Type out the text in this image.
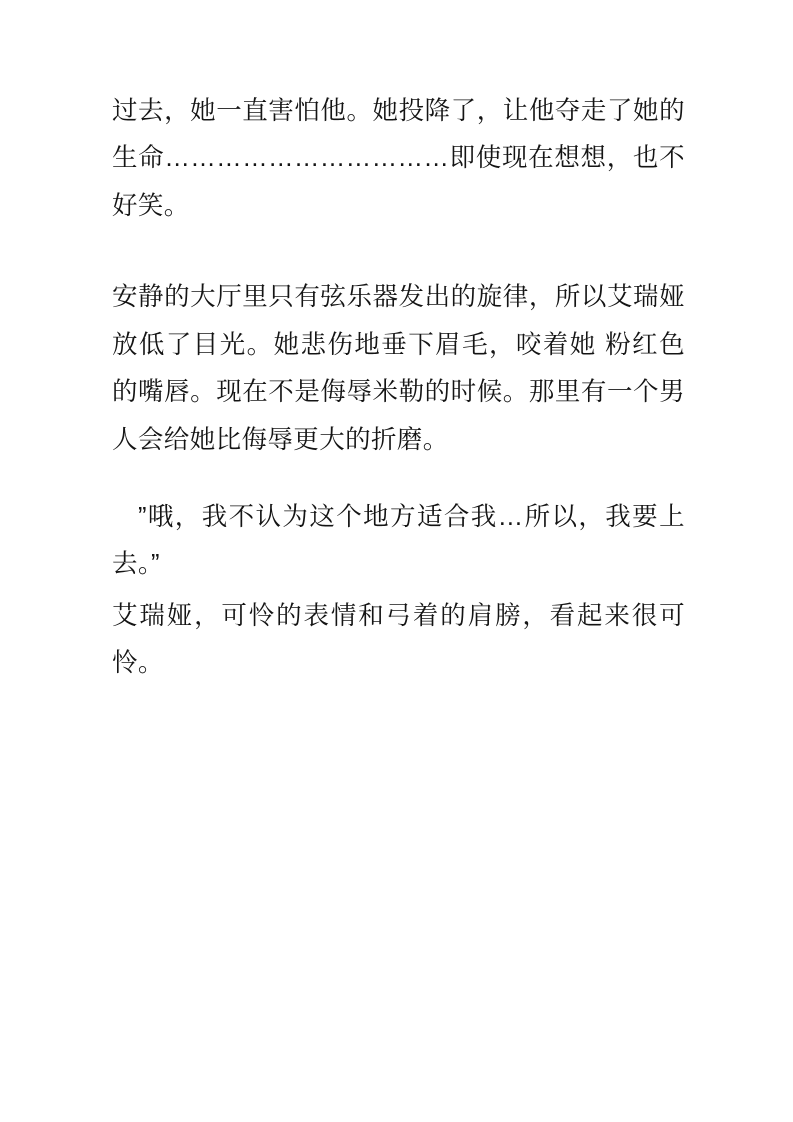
过去，她一直害怕他。她投降了，让他夺走了她的生命……………………………即使现在想想，也不好笑。

安静的大厅里只有弦乐器发出的旋律，所以艾瑞娅放低了目光。她悲伤地垂下眉毛，咬着她 粉红色的嘴唇。现在不是侮辱米勒的时候。那里有一个男人会给她比侮辱更大的折磨。

”哦，我不认为这个地方适合我…所以，我要上去。”

艾瑞娅，可怜的表情和弓着的肩膀，看起来很可怜。
